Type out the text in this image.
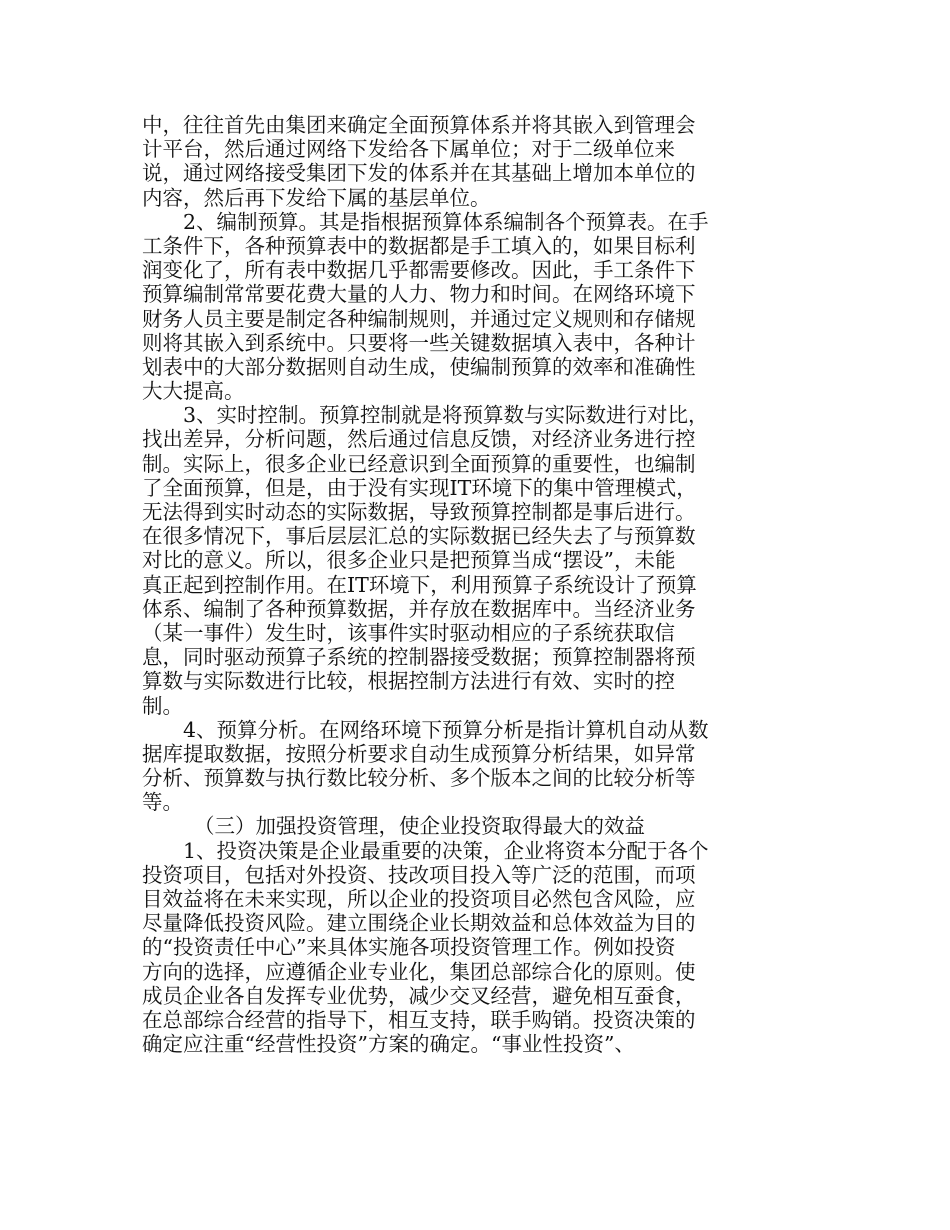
中，往往首先由集团来确定全面预算体系并将其嵌入到管理会
计平台，然后通过网络下发给各下属单位；对于二级单位来
说，通过网络接受集团下发的体系并在其基础上增加本单位的
内容，然后再下发给下属的基层单位。
2、编制预算。其是指根据预算体系编制各个预算表。在手
工条件下，各种预算表中的数据都是手工填入的，如果目标利
润变化了，所有表中数据几乎都需要修改。因此，手工条件下
预算编制常常要花费大量的人力、物力和时间。在网络环境下
财务人员主要是制定各种编制规则，并通过定义规则和存储规
则将其嵌入到系统中。只要将一些关键数据填入表中，各种计
划表中的大部分数据则自动生成，使编制预算的效率和准确性
大大提高。
3、实时控制。预算控制就是将预算数与实际数进行对比，
找出差异，分析问题，然后通过信息反馈，对经济业务进行控
制。实际上，很多企业已经意识到全面预算的重要性，也编制
了全面预算，但是，由于没有实现IT环境下的集中管理模式，
无法得到实时动态的实际数据，导致预算控制都是事后进行。
在很多情况下，事后层层汇总的实际数据已经失去了与预算数
对比的意义。所以，很多企业只是把预算当成“摆设”，未能
真正起到控制作用。在IT环境下，利用预算子系统设计了预算
体系、编制了各种预算数据，并存放在数据库中。当经济业务
（某一事件）发生时，该事件实时驱动相应的子系统获取信
息，同时驱动预算子系统的控制器接受数据；预算控制器将预
算数与实际数进行比较，根据控制方法进行有效、实时的控
制。
4、预算分析。在网络环境下预算分析是指计算机自动从数
据库提取数据，按照分析要求自动生成预算分析结果，如异常
分析、预算数与执行数比较分析、多个版本之间的比较分析等
等。
（三）加强投资管理，使企业投资取得最大的效益
1、投资决策是企业最重要的决策，企业将资本分配于各个
投资项目，包括对外投资、技改项目投入等广泛的范围，而项
目效益将在未来实现，所以企业的投资项目必然包含风险，应
尽量降低投资风险。建立围绕企业长期效益和总体效益为目的
的“投资责任中心”来具体实施各项投资管理工作。例如投资
方向的选择，应遵循企业专业化，集团总部综合化的原则。使
成员企业各自发挥专业优势，减少交叉经营，避免相互蚕食，
在总部综合经营的指导下，相互支持，联手购销。投资决策的
确定应注重“经营性投资”方案的确定。“事业性投资”、
